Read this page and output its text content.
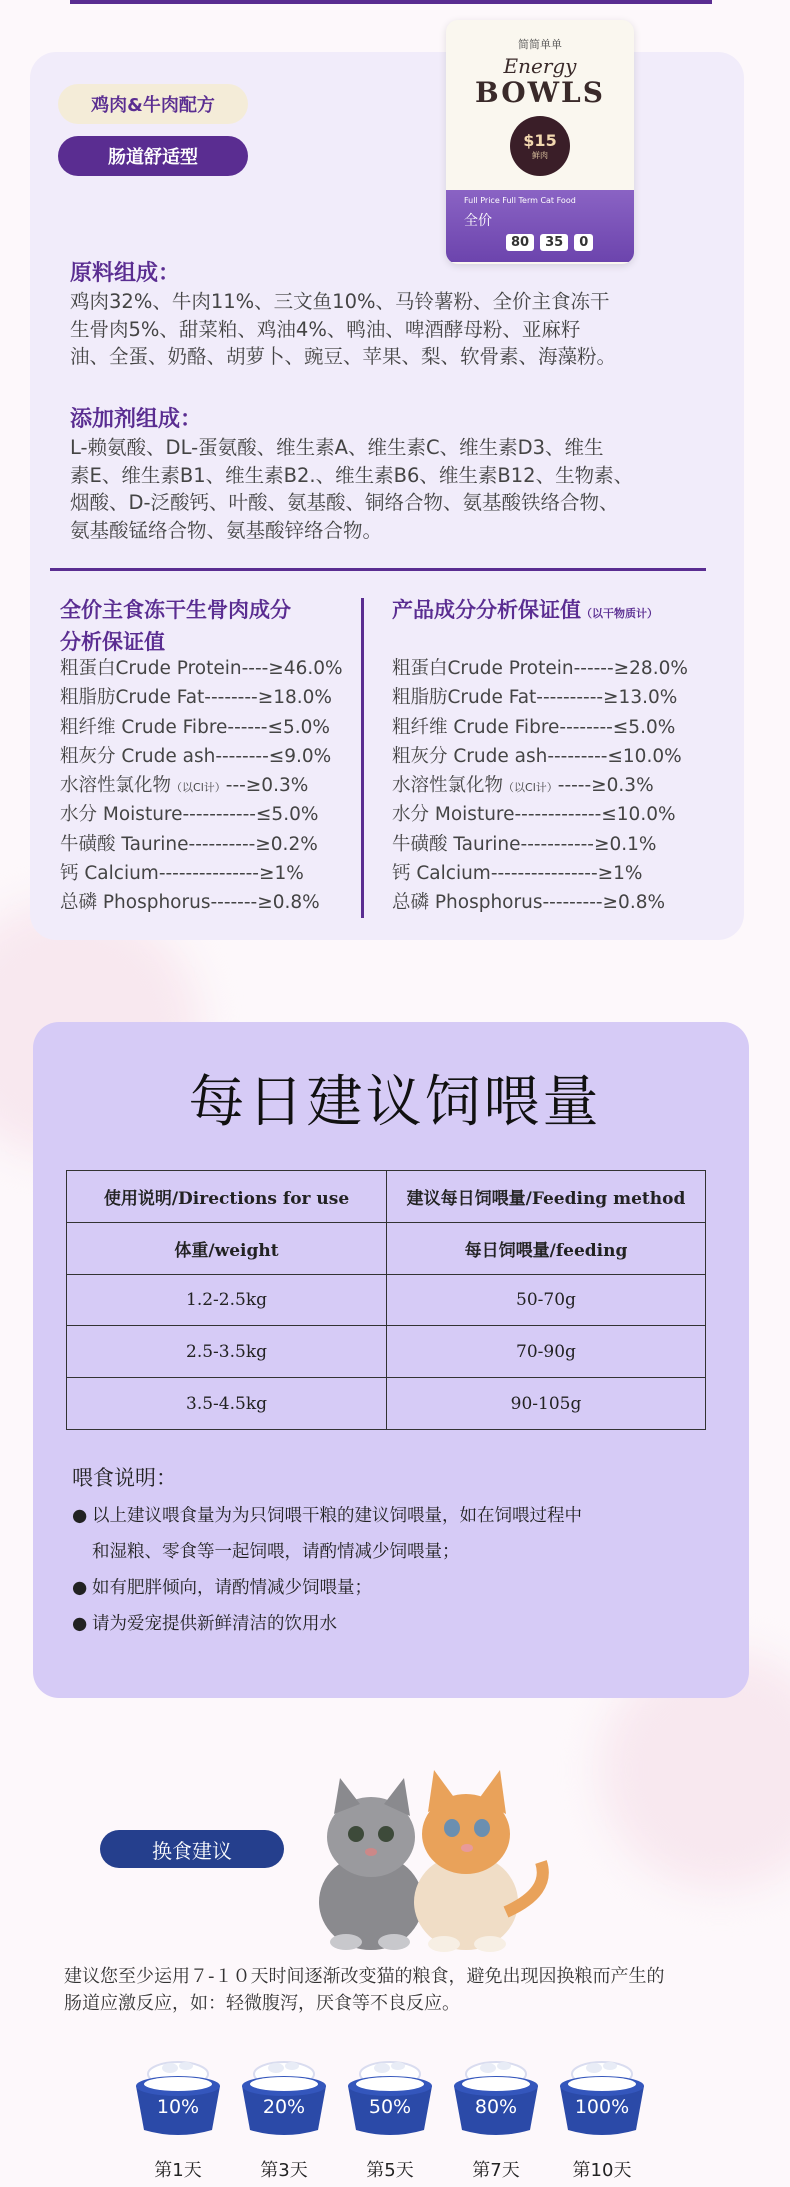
鸡肉&牛肉配方
肠道舒适型
简简单单
Energy
BOWLS
$15
鲜肉
Full Price Full Term Cat Food
全价
80	35	0
原料组成：
鸡肉32%、牛肉11%、三文鱼10%、马铃薯粉、全价主食冻干
生骨肉5%、甜菜粕、鸡油4%、鸭油、啤酒酵母粉、亚麻籽
油、全蛋、奶酪、胡萝卜、豌豆、苹果、梨、软骨素、海藻粉。
添加剂组成：
L-赖氨酸、DL-蛋氨酸、维生素A、维生素C、维生素D3、维生
素E、维生素B1、维生素B2.、维生素B6、维生素B12、生物素、
烟酸、D-泛酸钙、叶酸、氨基酸、铜络合物、氨基酸铁络合物、
氨基酸锰络合物、氨基酸锌络合物。
全价主食冻干生骨肉成分
分析保证值
粗蛋白Crude Protein----≥46.0%
粗脂肪Crude Fat--------≥18.0%
粗纤维 Crude Fibre------≤5.0%
粗灰分 Crude ash--------≤9.0%
水溶性氯化物（以Cl计）---≥0.3%
水分 Moisture-----------≤5.0%
牛磺酸 Taurine----------≥0.2%
钙 Calcium---------------≥1%
总磷 Phosphorus-------≥0.8%
产品成分分析保证值（以干物质计）
粗蛋白Crude Protein------≥28.0%
粗脂肪Crude Fat----------≥13.0%
粗纤维 Crude Fibre--------≤5.0%
粗灰分 Crude ash---------≤10.0%
水溶性氯化物（以Cl计）-----≥0.3%
水分 Moisture-------------≤10.0%
牛磺酸 Taurine-----------≥0.1%
钙 Calcium----------------≥1%
总磷 Phosphorus---------≥0.8%
每日建议饲喂量
使用说明/Directions for use	建议每日饲喂量/Feeding method
体重/weight	每日饲喂量/feeding
1.2-2.5kg	50-70g
2.5-3.5kg	70-90g
3.5-4.5kg	90-105g
喂食说明：
● 以上建议喂食量为为只饲喂干粮的建议饲喂量，如在饲喂过程中
和湿粮、零食等一起饲喂，请酌情减少饲喂量；
● 如有肥胖倾向，请酌情减少饲喂量；
● 请为爱宠提供新鲜清洁的饮用水
换食建议
建议您至少运用７-１０天时间逐渐改变猫的粮食，避免出现因换粮而产生的
肠道应激反应，如：轻微腹泻，厌食等不良反应。
10%
第1天
20%
第3天
50%
第5天
80%
第7天
100%
第10天
